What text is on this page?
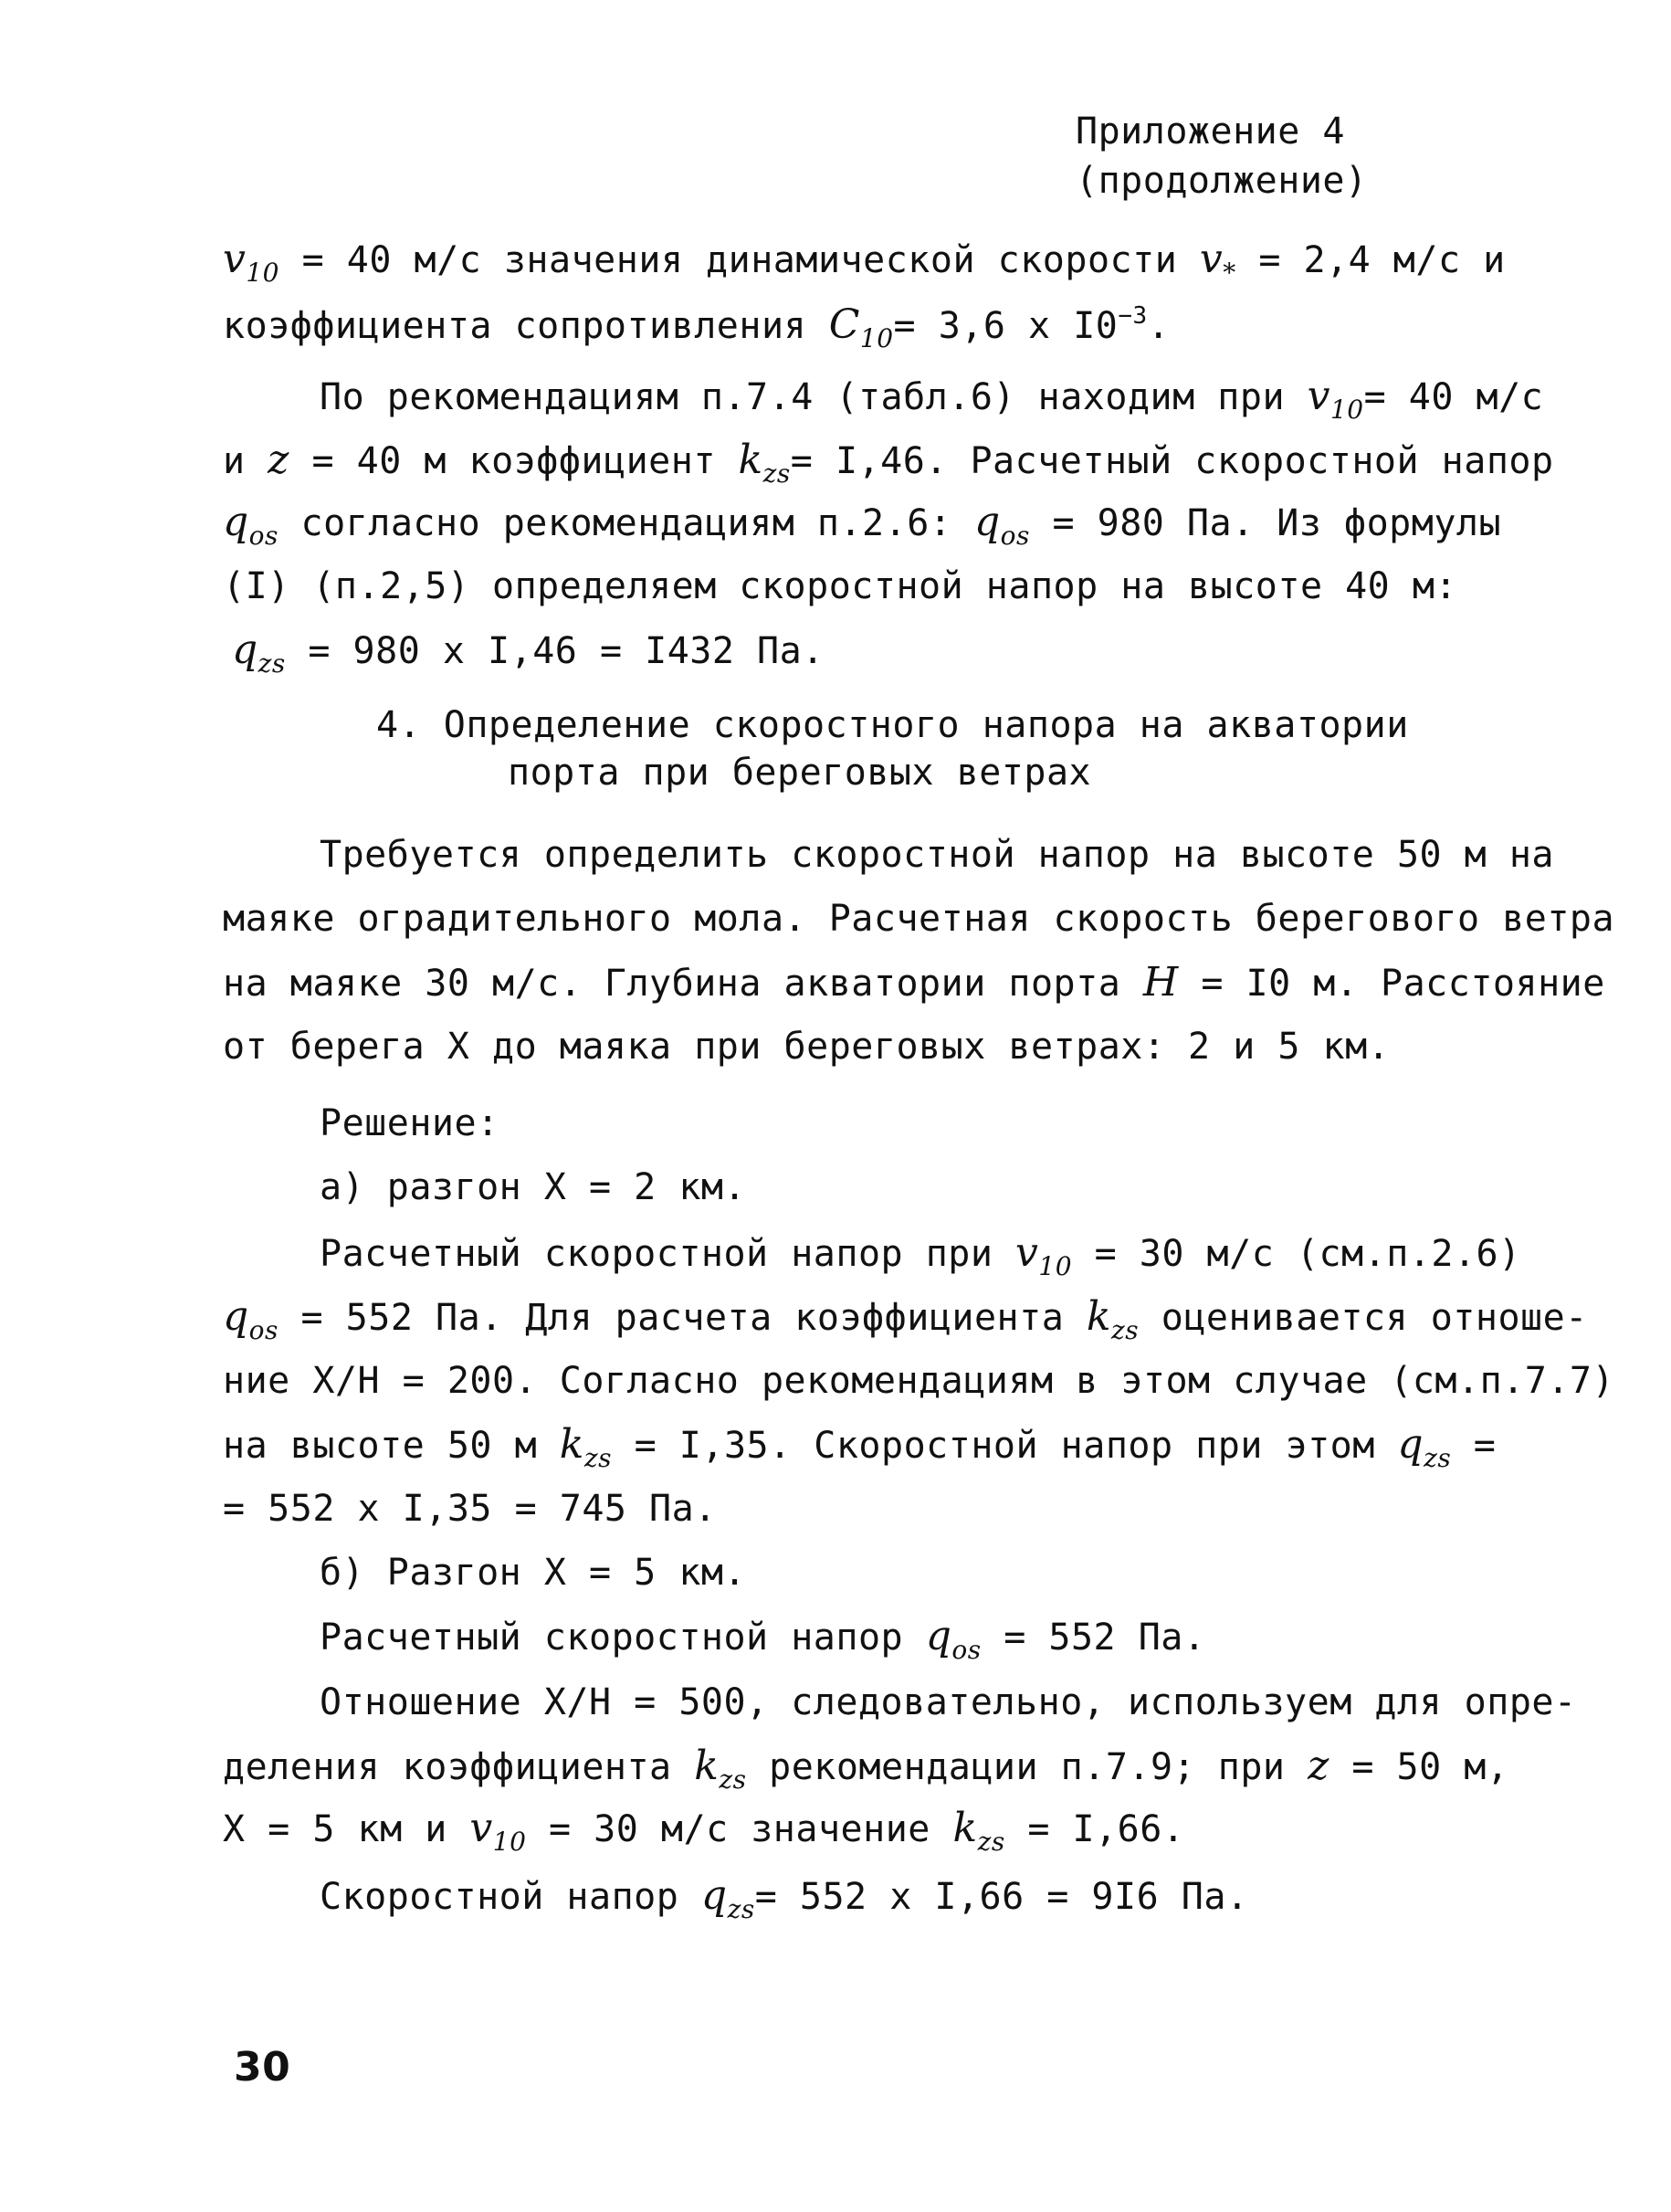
Приложение 4
(продолжение)
$v_{10} = 40$ м/с значения динамической скорости $v_* = 2,4$ м/с и
коэффициента сопротивления $C_{10}= 3,6$ х $I0^{-3}$.
По рекомендациям п.7.4 (табл.6) находим при $v_{10}= 40$ м/с
и z = 40 м коэффициент $k_{zs}= I,46$. Расчетный скоростной напор
$q_{os}$ согласно рекомендациям п.2.6: $q_{os} = 980$ Па. Из формулы
(I) (п.2,5) определяем скоростной напор на высоте 40 м:
$q_{zs} = 980$ х I,46 = I432 Па.
4. Определение скоростного напора на акватории
порта при береговых ветрах
Требуется определить скоростной напор на высоте 50 м на
маяке оградительного мола. Расчетная скорость берегового ветра
на маяке 30 м/с. Глубина акватории порта H = I0 м. Расстояние
от берега Х до маяка при береговых ветрах: 2 и 5 км.
Решение:
а) разгон Х = 2 км.
Расчетный скоростной напор при $v_{10} = 30$ м/с (см.п.2.6)
$q_{os} = 552$ Па. Для расчета коэффициента $k_{zs}$ оценивается отноше-
ние Х/Н = 200. Согласно рекомендациям в этом случае (см.п.7.7)
на высоте 50 м $k_{zs} = I,35$. Скоростной напор при этом $q_{zs}$ =
= 552 х I,35 = 745 Па.
б) Разгон Х = 5 км.
Расчетный скоростной напор $q_{os} = 552$ Па.
Отношение Х/Н = 500, следовательно, используем для опре-
деления коэффициента $k_{zs}$ рекомендации п.7.9; при z = 50 м,
Х = 5 км и $v_{10} = 30$ м/с значение $k_{zs} = I,66$.
Скоростной напор $q_{zs}= 552$ х I,66 = 9I6 Па.
30
